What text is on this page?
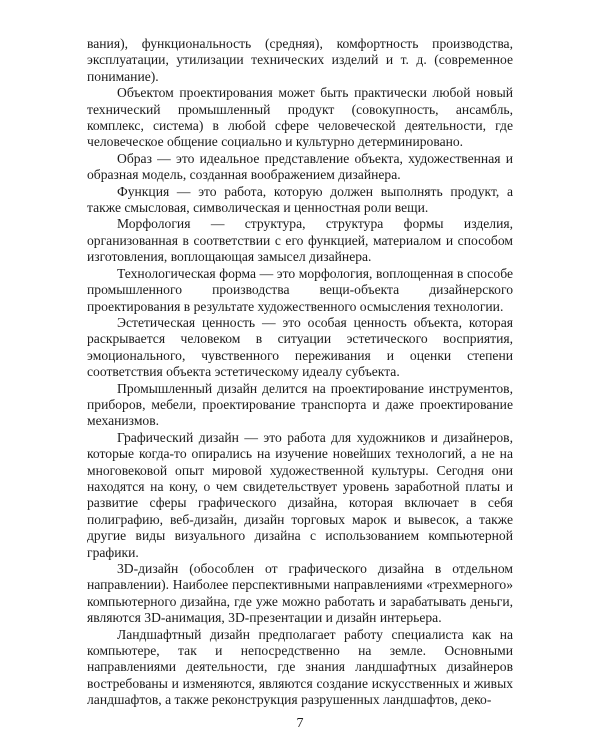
вания), функциональность (средняя), комфортность производства, эксплуатации, утилизации технических изделий и т. д. (современное понимание).

Объектом проектирования может быть практически любой новый технический промышленный продукт (совокупность, ансамбль, комплекс, система) в любой сфере человеческой деятельности, где человеческое общение социально и культурно детерминировано.

Образ — это идеальное представление объекта, художественная и образная модель, созданная воображением дизайнера.

Функция — это работа, которую должен выполнять продукт, а также смысловая, символическая и ценностная роли вещи.

Морфология — структура, структура формы изделия, организованная в соответствии с его функцией, материалом и способом изготовления, воплощающая замысел дизайнера.

Технологическая форма — это морфология, воплощенная в способе промышленного производства вещи-объекта дизайнерского проектирования в результате художественного осмысления технологии.

Эстетическая ценность — это особая ценность объекта, которая раскрывается человеком в ситуации эстетического восприятия, эмоционального, чувственного переживания и оценки степени соответствия объекта эстетическому идеалу субъекта.

Промышленный дизайн делится на проектирование инструментов, приборов, мебели, проектирование транспорта и даже проектирование механизмов.

Графический дизайн — это работа для художников и дизайнеров, которые когда-то опирались на изучение новейших технологий, а не на многовековой опыт мировой художественной культуры. Сегодня они находятся на кону, о чем свидетельствует уровень заработной платы и развитие сферы графического дизайна, которая включает в себя полиграфию, веб-дизайн, дизайн торговых марок и вывесок, а также другие виды визуального дизайна с использованием компьютерной графики.

3D-дизайн (обособлен от графического дизайна в отдельном направлении). Наиболее перспективными направлениями «трехмерного» компьютерного дизайна, где уже можно работать и зарабатывать деньги, являются 3D-анимация, 3D-презентации и дизайн интерьера.

Ландшафтный дизайн предполагает работу специалиста как на компьютере, так и непосредственно на земле. Основными направлениями деятельности, где знания ландшафтных дизайнеров востребованы и изменяются, являются создание искусственных и живых ландшафтов, а также реконструкция разрушенных ландшафтов, деко-

7
